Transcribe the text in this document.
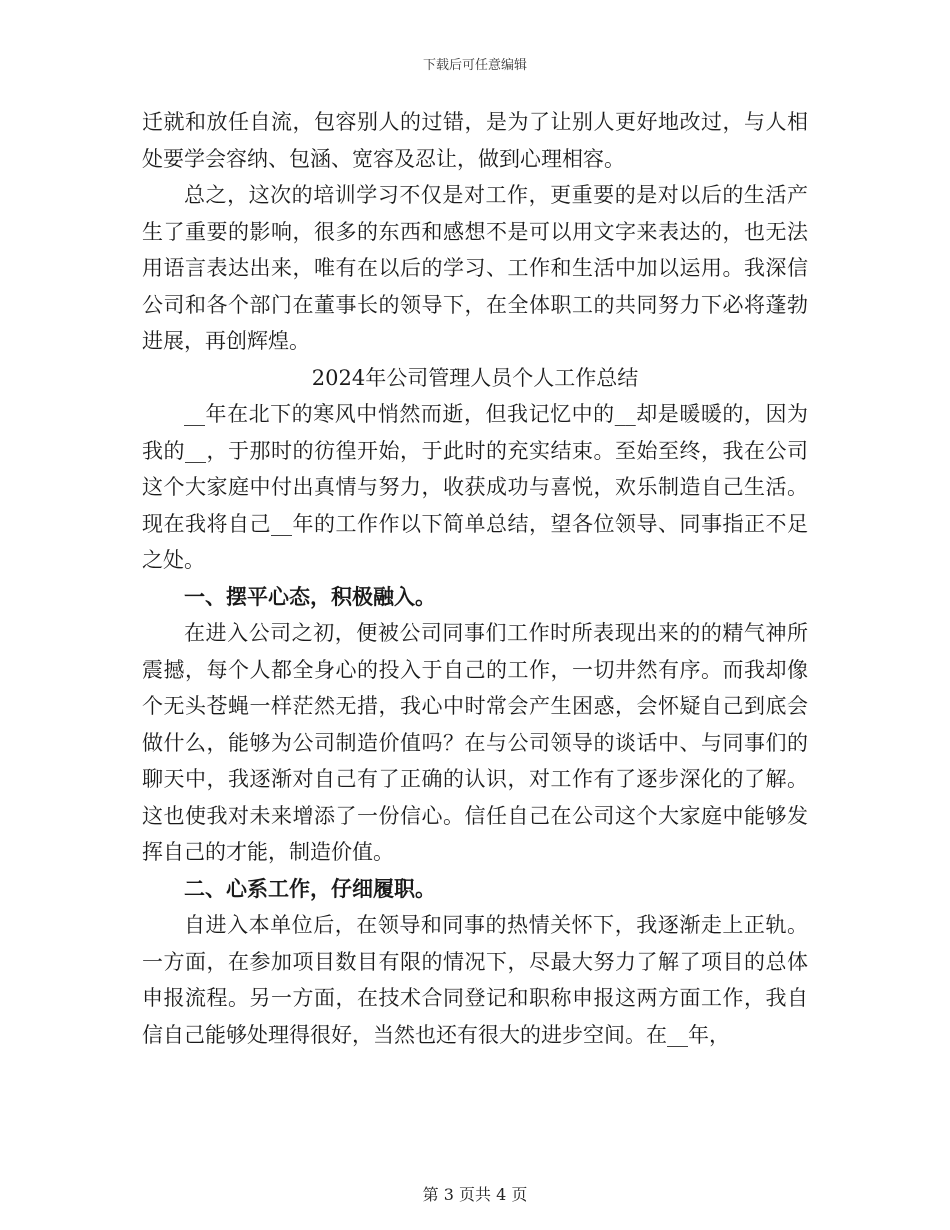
下载后可任意编辑

迁就和放任自流，包容别人的过错，是为了让别人更好地改过，与人相处要学会容纳、包涵、宽容及忍让，做到心理相容。

总之，这次的培训学习不仅是对工作，更重要的是对以后的生活产生了重要的影响，很多的东西和感想不是可以用文字来表达的，也无法用语言表达出来，唯有在以后的学习、工作和生活中加以运用。我深信公司和各个部门在董事长的领导下，在全体职工的共同努力下必将蓬勃进展，再创辉煌。

2024年公司管理人员个人工作总结

__年在北下的寒风中悄然而逝，但我记忆中的__却是暖暖的，因为我的__，于那时的彷徨开始，于此时的充实结束。至始至终，我在公司这个大家庭中付出真情与努力，收获成功与喜悦，欢乐制造自己生活。现在我将自己__年的工作作以下简单总结，望各位领导、同事指正不足之处。

一、摆平心态，积极融入。

在进入公司之初，便被公司同事们工作时所表现出来的的精气神所震撼，每个人都全身心的投入于自己的工作，一切井然有序。而我却像个无头苍蝇一样茫然无措，我心中时常会产生困惑，会怀疑自己到底会做什么，能够为公司制造价值吗？在与公司领导的谈话中、与同事们的聊天中，我逐渐对自己有了正确的认识，对工作有了逐步深化的了解。这也使我对未来增添了一份信心。信任自己在公司这个大家庭中能够发挥自己的才能，制造价值。

二、心系工作，仔细履职。

自进入本单位后，在领导和同事的热情关怀下，我逐渐走上正轨。一方面，在参加项目数目有限的情况下，尽最大努力了解了项目的总体申报流程。另一方面，在技术合同登记和职称申报这两方面工作，我自信自己能够处理得很好，当然也还有很大的进步空间。在__年，

第 3 页共 4 页
